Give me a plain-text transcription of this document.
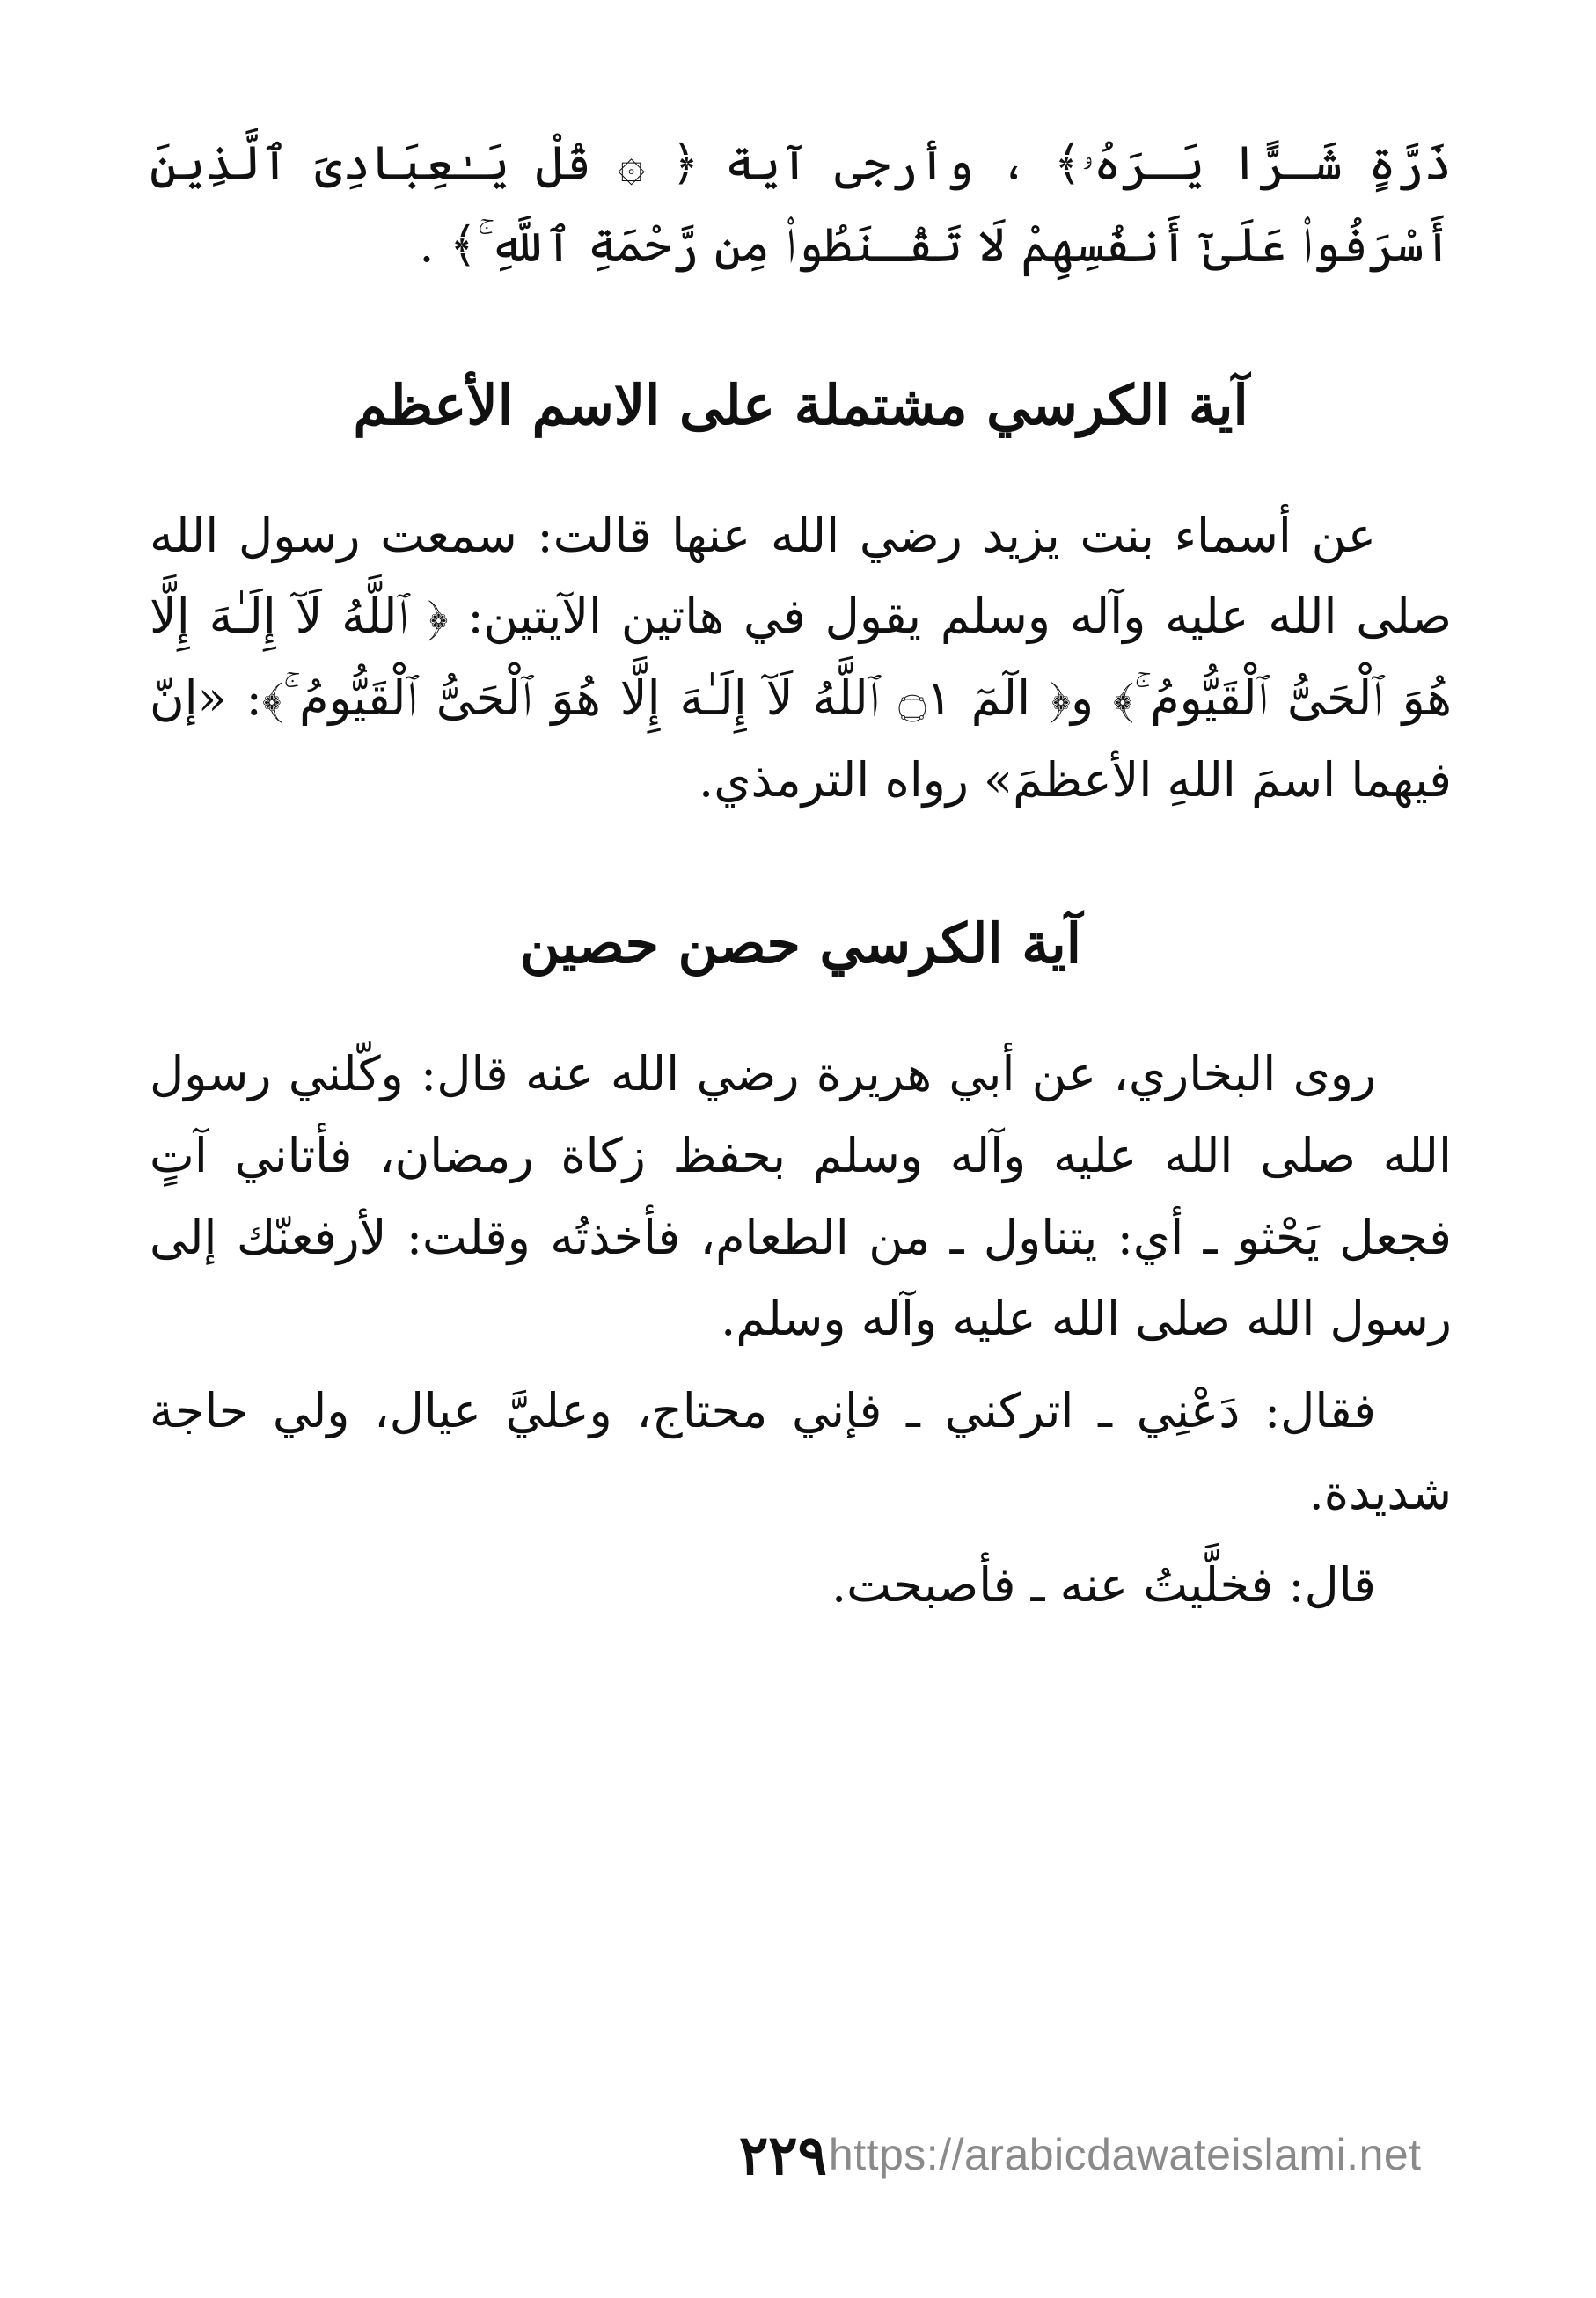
ذَرَّةٍ شَـرًّا يَـرَهُۥ﴾ ، وأرجى آية ﴿ ۞ قُلْ يَـٰعِبَادِىَ ٱلَّذِينَ أَسْرَفُوا۟ عَلَىٰٓ أَنفُسِهِمْ لَا تَقْـنَطُوا۟ مِن رَّحْمَةِ ٱللَّهِ ۚ﴾ .

آية الكرسي مشتملة على الاسم الأعظم

عن أسماء بنت يزيد رضي الله عنها قالت: سمعت رسول الله صلى الله عليه وآله وسلم يقول في هاتين الآيتين: ﴿ ٱللَّهُ لَآ إِلَـٰهَ إِلَّا هُوَ ٱلْحَىُّ ٱلْقَيُّومُ ۚ﴾ و﴿ الٓمٓ ۝١ ٱللَّهُ لَآ إِلَـٰهَ إِلَّا هُوَ ٱلْحَىُّ ٱلْقَيُّومُ ۚ﴾: «إنّ فيهما اسمَ اللهِ الأعظمَ» رواه الترمذي.

آية الكرسي حصن حصين

روى البخاري، عن أبي هريرة رضي الله عنه قال: وكّلني رسول الله صلى الله عليه وآله وسلم بحفظ زكاة رمضان، فأتاني آتٍ فجعل يَحْثو ـ أي: يتناول ـ من الطعام، فأخذتُه وقلت: لأرفعنّك إلى رسول الله صلى الله عليه وآله وسلم.

فقال: دَعْنِي ـ اتركني ـ فإني محتاج، وعليَّ عيال، ولي حاجة شديدة.

قال: فخلَّيتُ عنه ـ فأصبحت.

٢٢٩ https://arabicdawateislami.net
